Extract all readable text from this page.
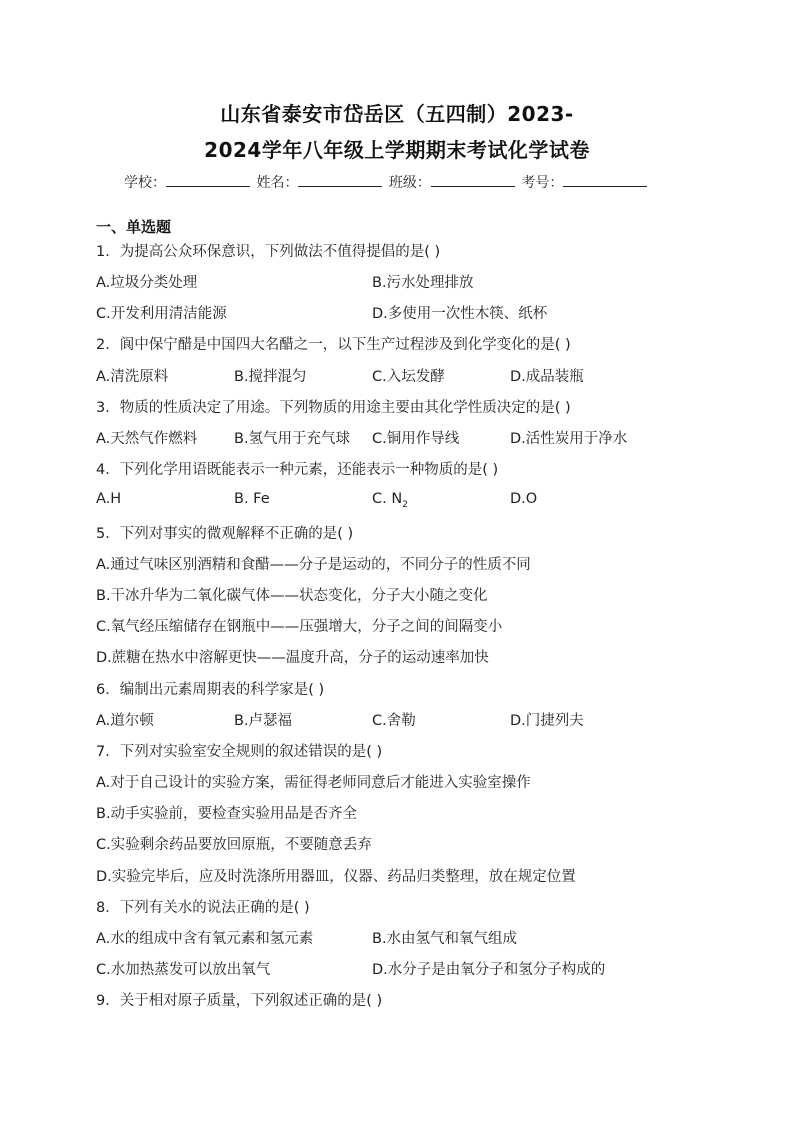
山东省泰安市岱岳区（五四制）2023-
2024学年八年级上学期期末考试化学试卷
学校：	姓名：	班级：	考号：
一、单选题
1．为提高公众环保意识，下列做法不值得提倡的是( )
A.垃圾分类处理	B.污水处理排放
C.开发利用清洁能源	D.多使用一次性木筷、纸杯
2．阆中保宁醋是中国四大名醋之一，以下生产过程涉及到化学变化的是( )
A.清洗原料	B.搅拌混匀	C.入坛发酵	D.成品装瓶
3．物质的性质决定了用途。下列物质的用途主要由其化学性质决定的是( )
A.天然气作燃料	B.氢气用于充气球 C.铜用作导线	D.活性炭用于净水
4．下列化学用语既能表示一种元素，还能表示一种物质的是( )
A.H	B. Fe	C. $N_2$	D.O
5．下列对事实的微观解释不正确的是( )
A.通过气味区别酒精和食醋——分子是运动的，不同分子的性质不同
B.干冰升华为二氧化碳气体——状态变化，分子大小随之变化
C.氧气经压缩储存在钢瓶中——压强增大，分子之间的间隔变小
D.蔗糖在热水中溶解更快——温度升高，分子的运动速率加快
6．编制出元素周期表的科学家是( )
A.道尔顿	B.卢瑟福	C.舍勒	D.门捷列夫
7．下列对实验室安全规则的叙述错误的是( )
A.对于自己设计的实验方案，需征得老师同意后才能进入实验室操作
B.动手实验前，要检查实验用品是否齐全
C.实验剩余药品要放回原瓶，不要随意丢弃
D.实验完毕后，应及时洗涤所用器皿，仪器、药品归类整理，放在规定位置
8．下列有关水的说法正确的是( )
A.水的组成中含有氧元素和氢元素	B.水由氢气和氧气组成
C.水加热蒸发可以放出氧气	D.水分子是由氧分子和氢分子构成的
9．关于相对原子质量，下列叙述正确的是( )
